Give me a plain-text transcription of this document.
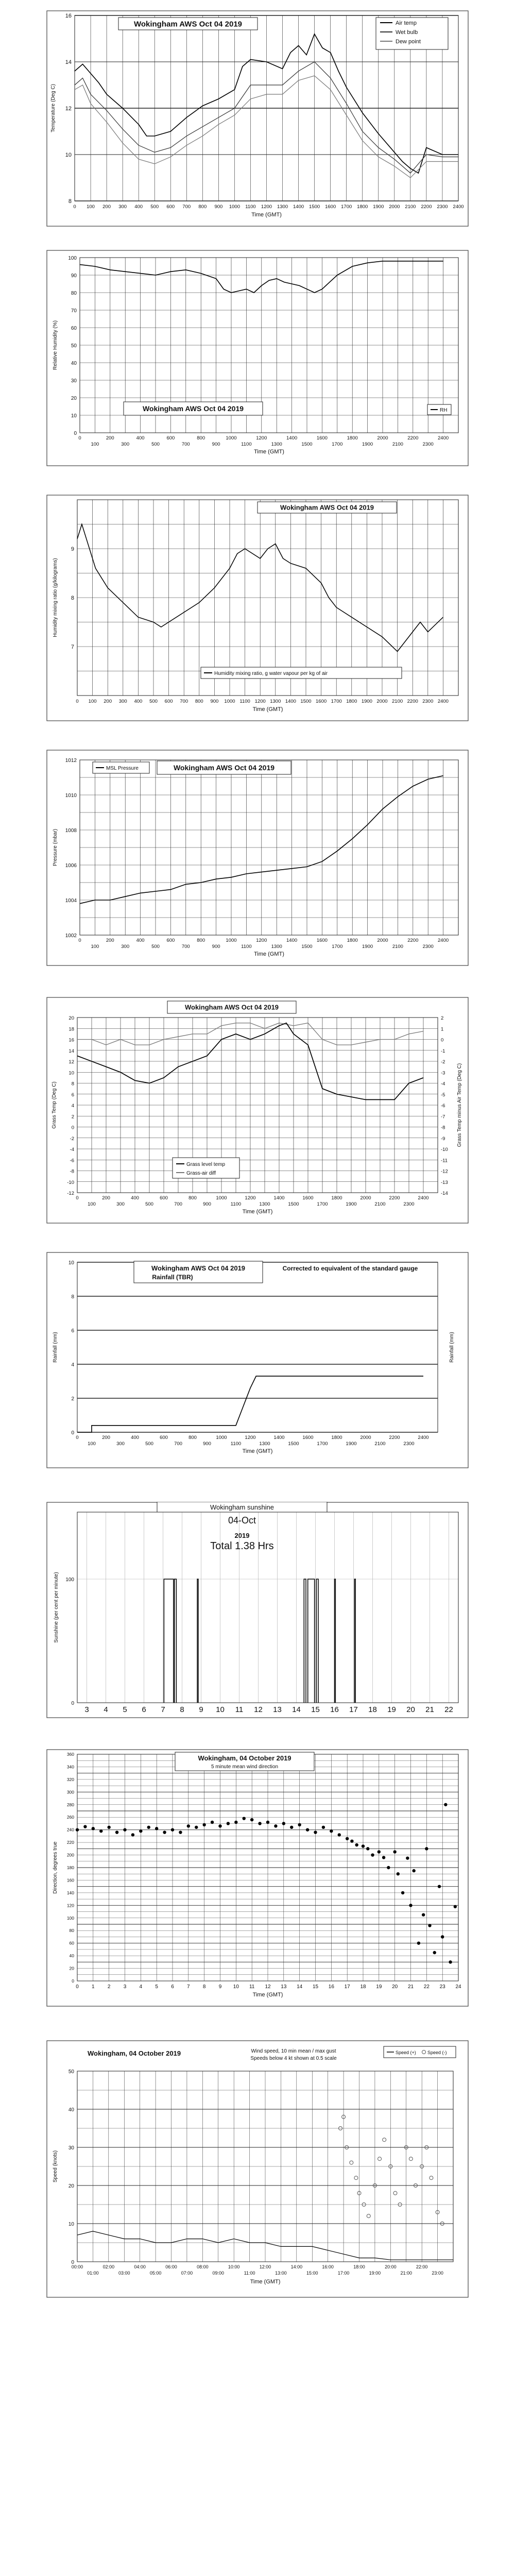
8
10
12
14
16
0 100 200 300 400 500 600 700 800 900 1000 1100 1200 1300 1400 1500 1600 1700 1800 1900 2000 2100 2200 2300 2400
Wokingham AWS Oct 04 2019	Air temp
Wet bulb
Dew point
Temperature (Deg C)
Time (GMT)
0
10
20
30
40
50
60
70
80
90
100
0	200	400	600	800	1000	1200	1400	1600	1800	2000	2200	2400
100	300	500	700	900	1100	1300	1500	1700	1900	2100	2300
Wokingham AWS Oct 04 2019	RH
Relative Humidity (%)
Time (GMT)
7
8
9
0 100 200 300 400 500 600 700 800 900 1000 1100 1200 1300 1400 1500 1600 1700 1800 1900 2000 2100 2200 2300 2400
Wokingham AWS Oct 04 2019
Humidity mixing ratio, g water vapour per kg of air
Humidity mixing ratio (g/kilograms)
Time (GMT)
1002
1004
1006
1008
1010
1012
0	200	400	600	800	1000	1200	1400	1600	1800	2000	2200	2400
100	300	500	700	900	1100	1300	1500	1700	1900	2100	2300
MSL Pressure	Wokingham AWS Oct 04 2019
Pressure (mbar)
Time (GMT)
-12
2
-10
1
-8
0
-6
-1
-4
-2
-2
-3
0
-4
2
-5
4	-6
6
-7
8
-8
10
-9
12
-10
14
-11
16
-12
18
-13
20
-14
0	200	400	600	800	1000	1200	1400	1600	1800	2000	2200	2400
100	300	500	700	900	1100	1300	1500	1700	1900	2100	2300
Wokingham AWS Oct 04 2019
Grass level temp
Grass-air diff
Grass Temp (Deg C)	Grass Temp minus Air Temp (Deg C)
Time (GMT)
0
2
4
6
8
10
0	200	400	600	800	1000	1200	1400	1600	1800	2000	2200	2400
100	300	500	700	900	1100	1300	1500	1700	1900	2100	2300
Wokingham AWS Oct 04 2019
Rainfall (TBR)
Corrected to equivalent of the standard gauge
Rainfall (mm)	Rainfall (mm)
Time (GMT)
3 4 5 6 7 8 9 10 11 12 13 14 15 16 17 18 19 20 21 22
100
0
Wokingham sunshine
04-Oct
2019
Total 1.38 Hrs
Sunshine (per cent per minute)
0
20
40
60
80
100
120
140
160
180
200
220
240
260
280
300
320
340
360
0	1	2	3	4	5	6	7	8	9 10 11 12 13 14 15 16 17 18 19 20 21 22 23 24
Wokingham, 04 October 2019
5 minute mean wind direction
Direction, degrees true
Time (GMT)
0
10
20
30
40
50
00:00	02:00	04:00	06:00	08:00	10:00	12:00	14:00	16:00	18:00	20:00	22:00
01:00	03:00	05:00	07:00	09:00	11:00	13:00	15:00	17:00	19:00	21:00	23:00
Wokingham, 04 October 2019	Wind speed, 10 min mean / max gust
Speeds below 4 kt shown at 0.5 scale
Speed (+) Speed (-)
Speed (knots)
Time (GMT)
